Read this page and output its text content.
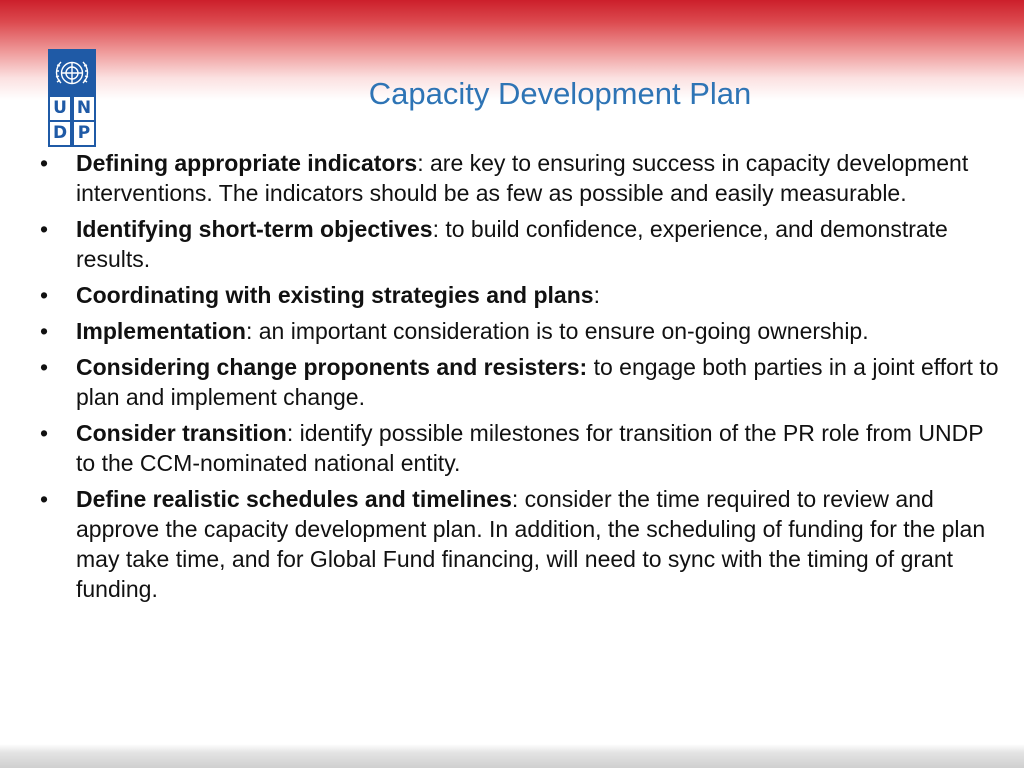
U N
D P
Capacity Development Plan
•	Defining appropriate indicators: are key to ensuring success in capacity development interventions. The indicators should be as few as possible and easily measurable.
•	Identifying short-term objectives: to build confidence, experience, and demonstrate results.
•	Coordinating with existing strategies and plans:
•	Implementation: an important consideration is to ensure on-going ownership.
•	Considering change proponents and resisters: to engage both parties in a joint effort to plan and implement change.
•	Consider transition: identify possible milestones for transition of the PR role from UNDP to the CCM-nominated national entity.
•	Define realistic schedules and timelines: consider the time required to review and approve the capacity development plan. In addition, the scheduling of funding for the plan may take time, and for Global Fund financing, will need to sync with the timing of grant funding.
